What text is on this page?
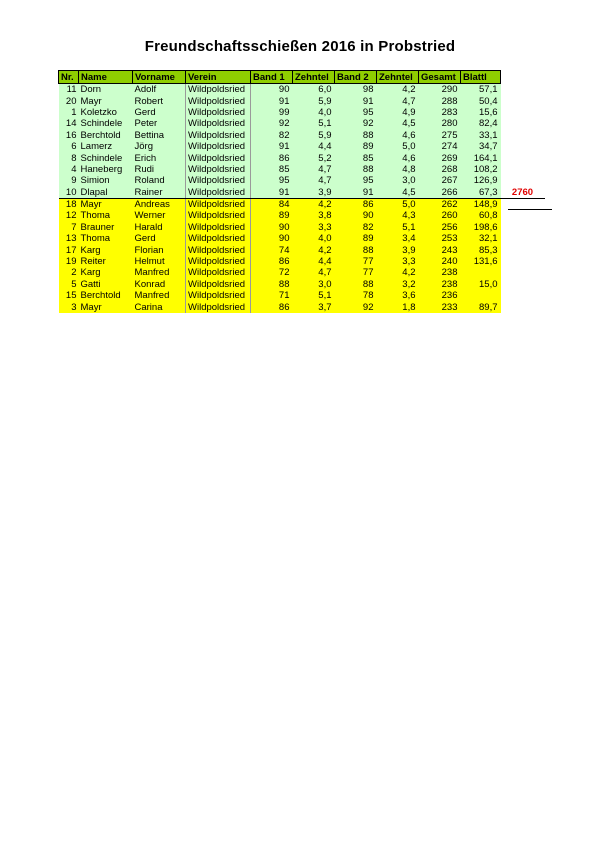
Freundschaftsschießen 2016 in Probstried
Nr.	Name	Vorname	Verein	Band 1	Zehntel	Band 2	Zehntel	Gesamt	Blattl	
11	Dorn	Adolf	Wildpoldsried	90	6,0	98	4,2	290	57,1	
20	Mayr	Robert	Wildpoldsried	91	5,9	91	4,7	288	50,4	
1	Koletzko	Gerd	Wildpoldsried	99	4,0	95	4,9	283	15,6	
14	Schindele	Peter	Wildpoldsried	92	5,1	92	4,5	280	82,4	
16	Berchtold	Bettina	Wildpoldsried	82	5,9	88	4,6	275	33,1	
6	Lamerz	Jörg	Wildpoldsried	91	4,4	89	5,0	274	34,7	
8	Schindele	Erich	Wildpoldsried	86	5,2	85	4,6	269	164,1	
4	Haneberg	Rudi	Wildpoldsried	85	4,7	88	4,8	268	108,2	
9	Simion	Roland	Wildpoldsried	95	4,7	95	3,0	267	126,9	
10	Dlapal	Rainer	Wildpoldsried	91	3,9	91	4,5	266	67,3	2760
18	Mayr	Andreas	Wildpoldsried	84	4,2	86	5,0	262	148,9	
12	Thoma	Werner	Wildpoldsried	89	3,8	90	4,3	260	60,8	
7	Brauner	Harald	Wildpoldsried	90	3,3	82	5,1	256	198,6	
13	Thoma	Gerd	Wildpoldsried	90	4,0	89	3,4	253	32,1	
17	Karg	Florian	Wildpoldsried	74	4,2	88	3,9	243	85,3	
19	Reiter	Helmut	Wildpoldsried	86	4,4	77	3,3	240	131,6	
2	Karg	Manfred	Wildpoldsried	72	4,7	77	4,2	238		
5	Gatti	Konrad	Wildpoldsried	88	3,0	88	3,2	238	15,0	
15	Berchtold	Manfred	Wildpoldsried	71	5,1	78	3,6	236		
3	Mayr	Carina	Wildpoldsried	86	3,7	92	1,8	233	89,7	
